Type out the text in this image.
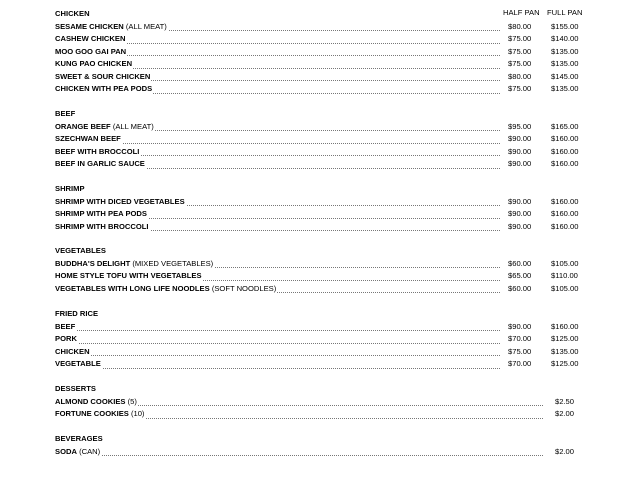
HALF PAN FULL PAN
CHICKEN
SESAME CHICKEN (ALL MEAT)	$80.00	$155.00
CASHEW CHICKEN	$75.00	$140.00
MOO GOO GAI PAN	$75.00	$135.00
KUNG PAO CHICKEN	$75.00	$135.00
SWEET & SOUR CHICKEN	$80.00	$145.00
CHICKEN WITH PEA PODS	$75.00	$135.00
BEEF
ORANGE BEEF (ALL MEAT)	$95.00	$165.00
SZECHWAN BEEF	$90.00	$160.00
BEEF WITH BROCCOLI	$90.00	$160.00
BEEF IN GARLIC SAUCE	$90.00	$160.00
SHRIMP
SHRIMP WITH DICED VEGETABLES	$90.00	$160.00
SHRIMP WITH PEA PODS	$90.00	$160.00
SHRIMP WITH BROCCOLI	$90.00	$160.00
VEGETABLES
BUDDHA'S DELIGHT (MIXED VEGETABLES)	$60.00	$105.00
HOME STYLE TOFU WITH VEGETABLES	$65.00	$110.00
VEGETABLES WITH LONG LIFE NOODLES (SOFT NOODLES)	$60.00	$105.00
FRIED RICE
BEEF	$90.00	$160.00
PORK	$70.00	$125.00
CHICKEN	$75.00	$135.00
VEGETABLE	$70.00	$125.00
DESSERTS
ALMOND COOKIES (5)	$2.50
FORTUNE COOKIES (10)	$2.00
BEVERAGES
SODA (CAN)	$2.00
